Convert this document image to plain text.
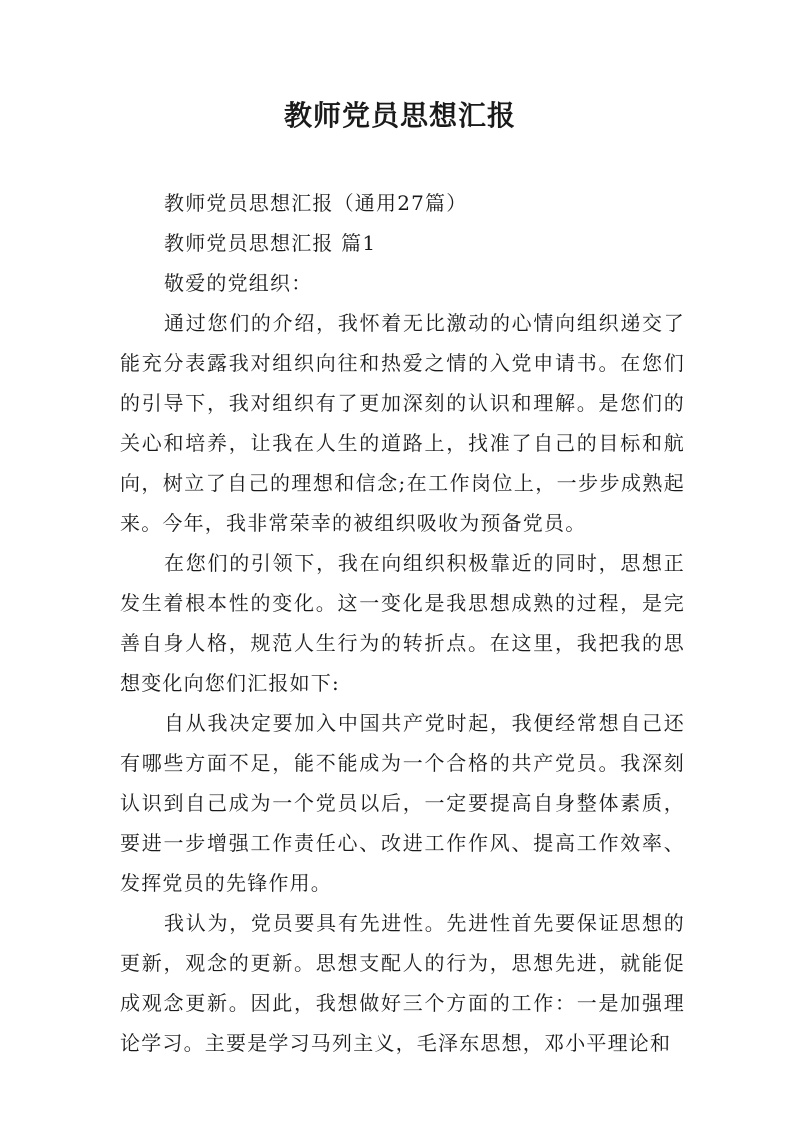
教师党员思想汇报

教师党员思想汇报（通用27篇）

教师党员思想汇报 篇1

敬爱的党组织：

通过您们的介绍，我怀着无比激动的心情向组织递交了能充分表露我对组织向往和热爱之情的入党申请书。在您们的引导下，我对组织有了更加深刻的认识和理解。是您们的关心和培养，让我在人生的道路上，找准了自己的目标和航向，树立了自己的理想和信念;在工作岗位上，一步步成熟起来。今年，我非常荣幸的被组织吸收为预备党员。

在您们的引领下，我在向组织积极靠近的同时，思想正发生着根本性的变化。这一变化是我思想成熟的过程，是完善自身人格，规范人生行为的转折点。在这里，我把我的思想变化向您们汇报如下:

自从我决定要加入中国共产党时起，我便经常想自己还有哪些方面不足，能不能成为一个合格的共产党员。我深刻认识到自己成为一个党员以后，一定要提高自身整体素质，要进一步增强工作责任心、改进工作作风、提高工作效率、发挥党员的先锋作用。

我认为，党员要具有先进性。先进性首先要保证思想的更新，观念的更新。思想支配人的行为，思想先进，就能促成观念更新。因此，我想做好三个方面的工作：一是加强理论学习。主要是学习马列主义，毛泽东思想，邓小平理论和
